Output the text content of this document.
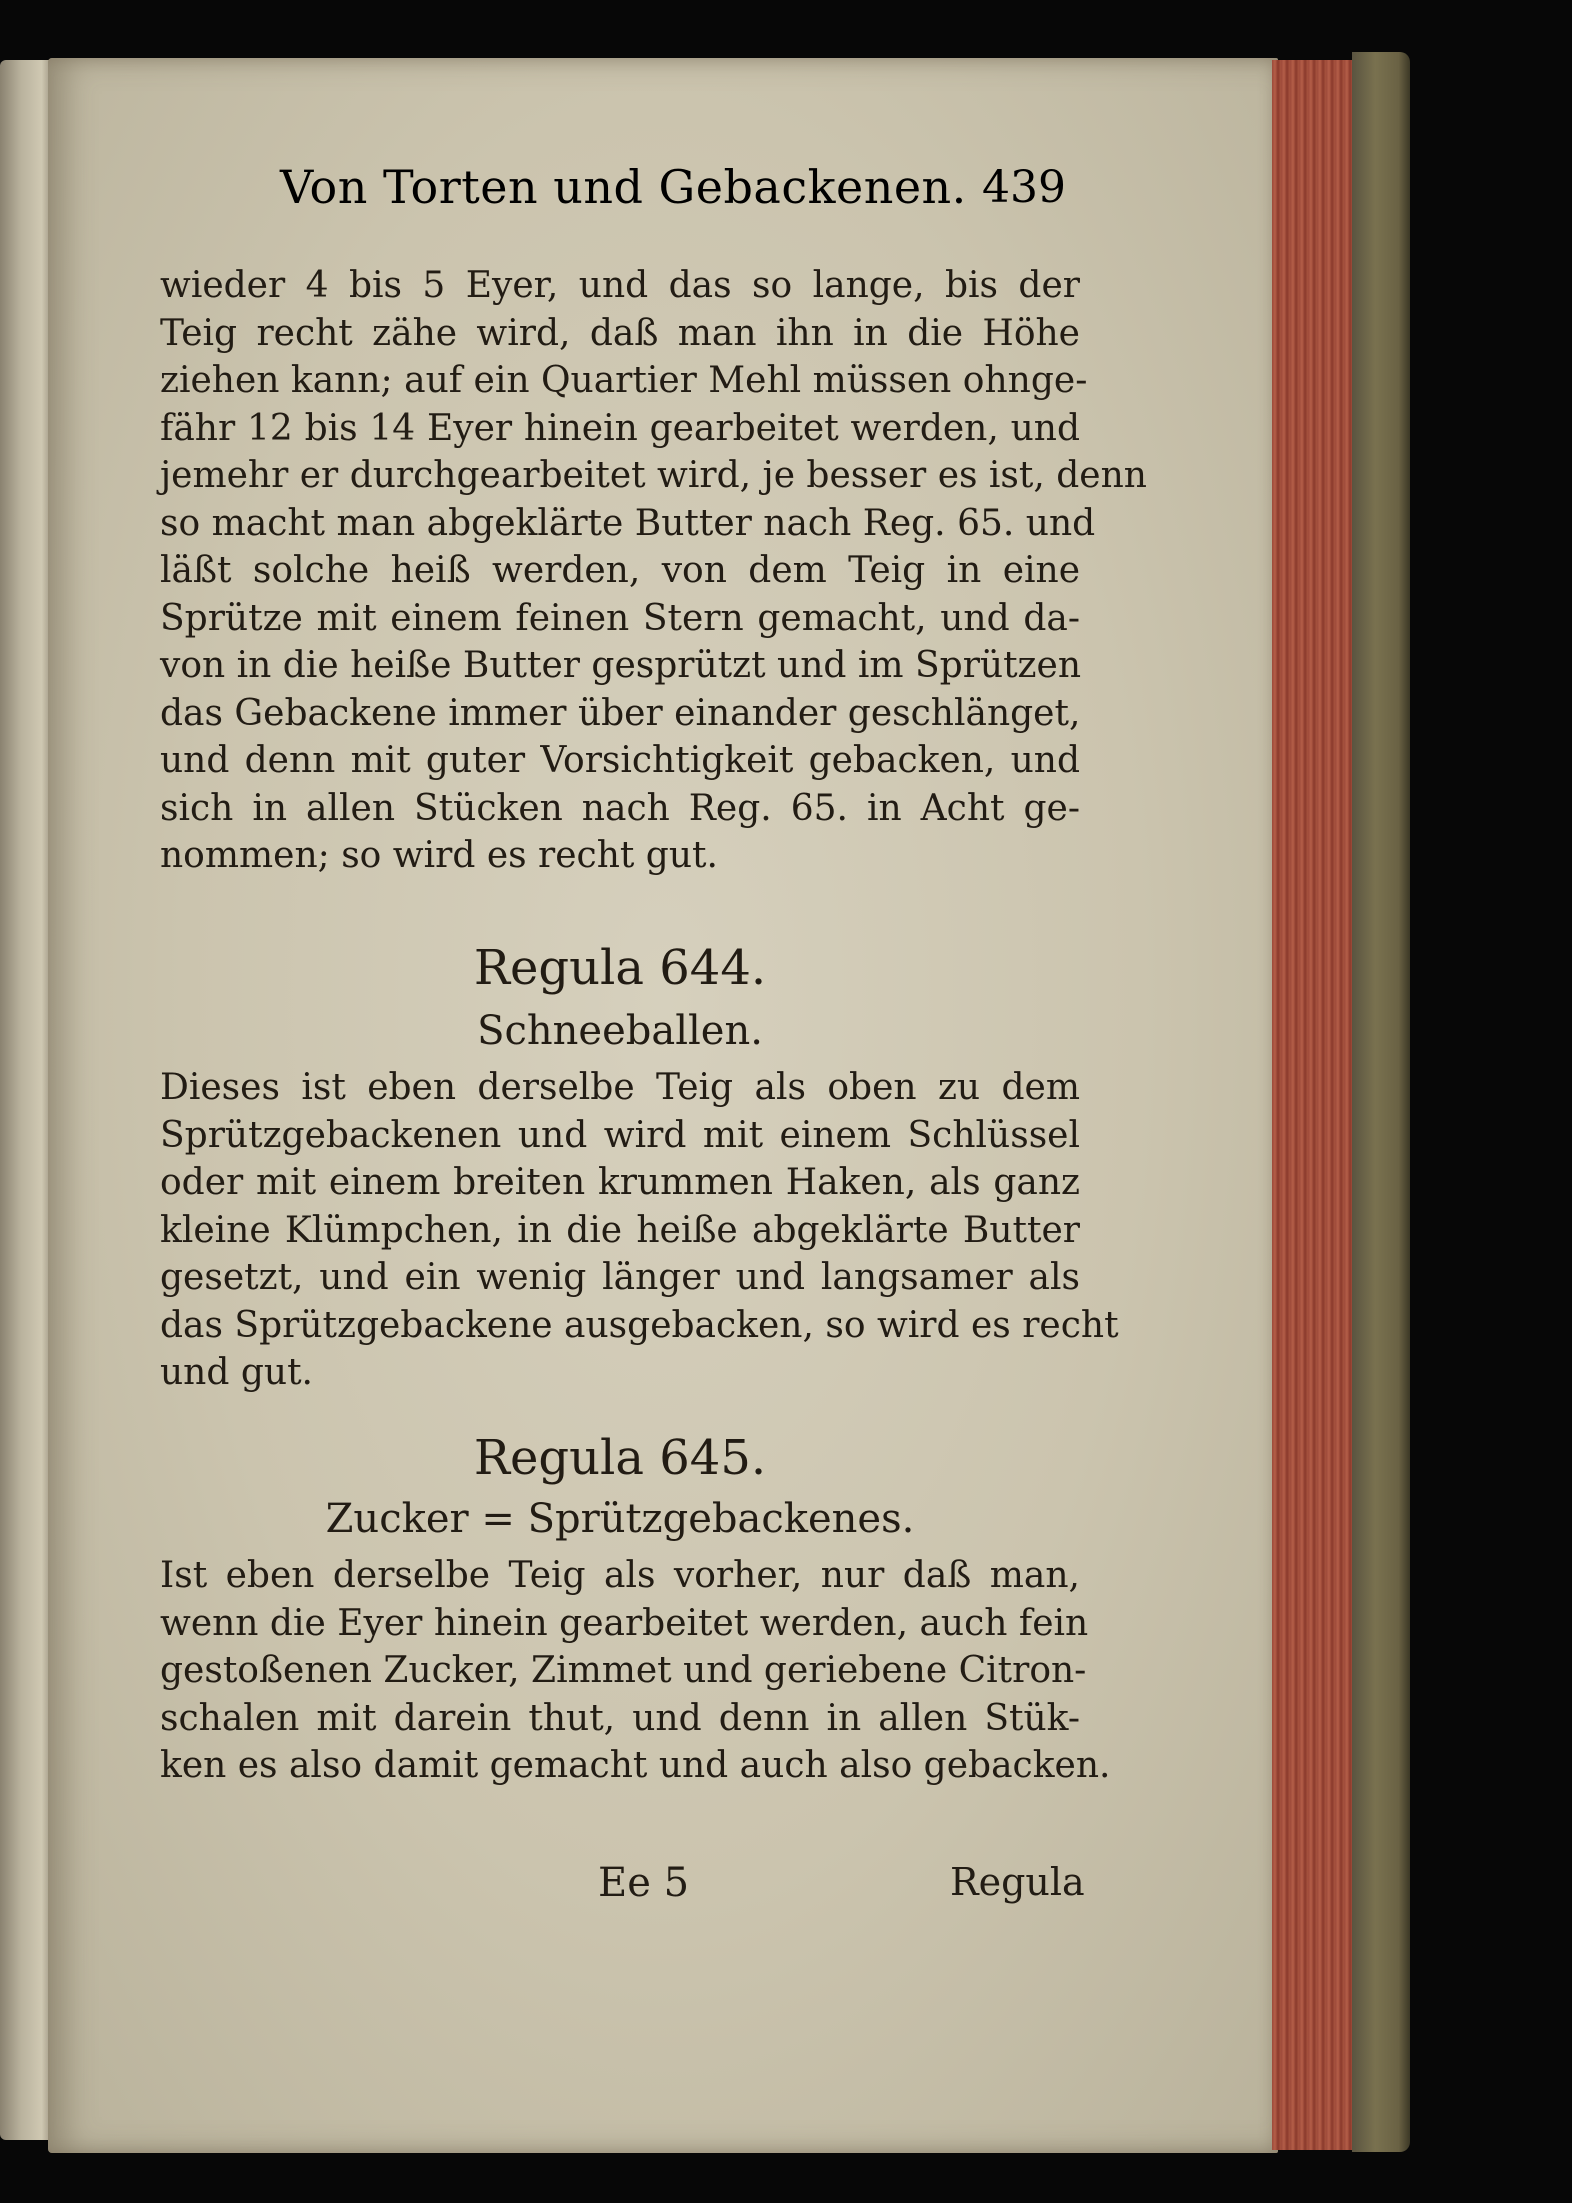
Von Torten und Gebackenen. 439
wieder 4 bis 5 Eyer, und das so lange, bis der
Teig recht zähe wird, daß man ihn in die Höhe
ziehen kann; auf ein Quartier Mehl müssen ohnge-
fähr 12 bis 14 Eyer hinein gearbeitet werden, und
jemehr er durchgearbeitet wird, je besser es ist, denn
so macht man abgeklärte Butter nach Reg. 65. und
läßt solche heiß werden, von dem Teig in eine
Sprütze mit einem feinen Stern gemacht, und da-
von in die heiße Butter gesprützt und im Sprützen
das Gebackene immer über einander geschlänget,
und denn mit guter Vorsichtigkeit gebacken, und
sich in allen Stücken nach Reg. 65. in Acht ge-
nommen; so wird es recht gut.
Regula 644.
Schneeballen.
Dieses ist eben derselbe Teig als oben zu dem
Sprützgebackenen und wird mit einem Schlüssel
oder mit einem breiten krummen Haken, als ganz
kleine Klümpchen, in die heiße abgeklärte Butter
gesetzt, und ein wenig länger und langsamer als
das Sprützgebackene ausgebacken, so wird es recht
und gut.
Regula 645.
Zucker = Sprützgebackenes.
Ist eben derselbe Teig als vorher, nur daß man,
wenn die Eyer hinein gearbeitet werden, auch fein
gestoßenen Zucker, Zimmet und geriebene Citron-
schalen mit darein thut, und denn in allen Stük-
ken es also damit gemacht und auch also gebacken.
Ee 5	Regula
